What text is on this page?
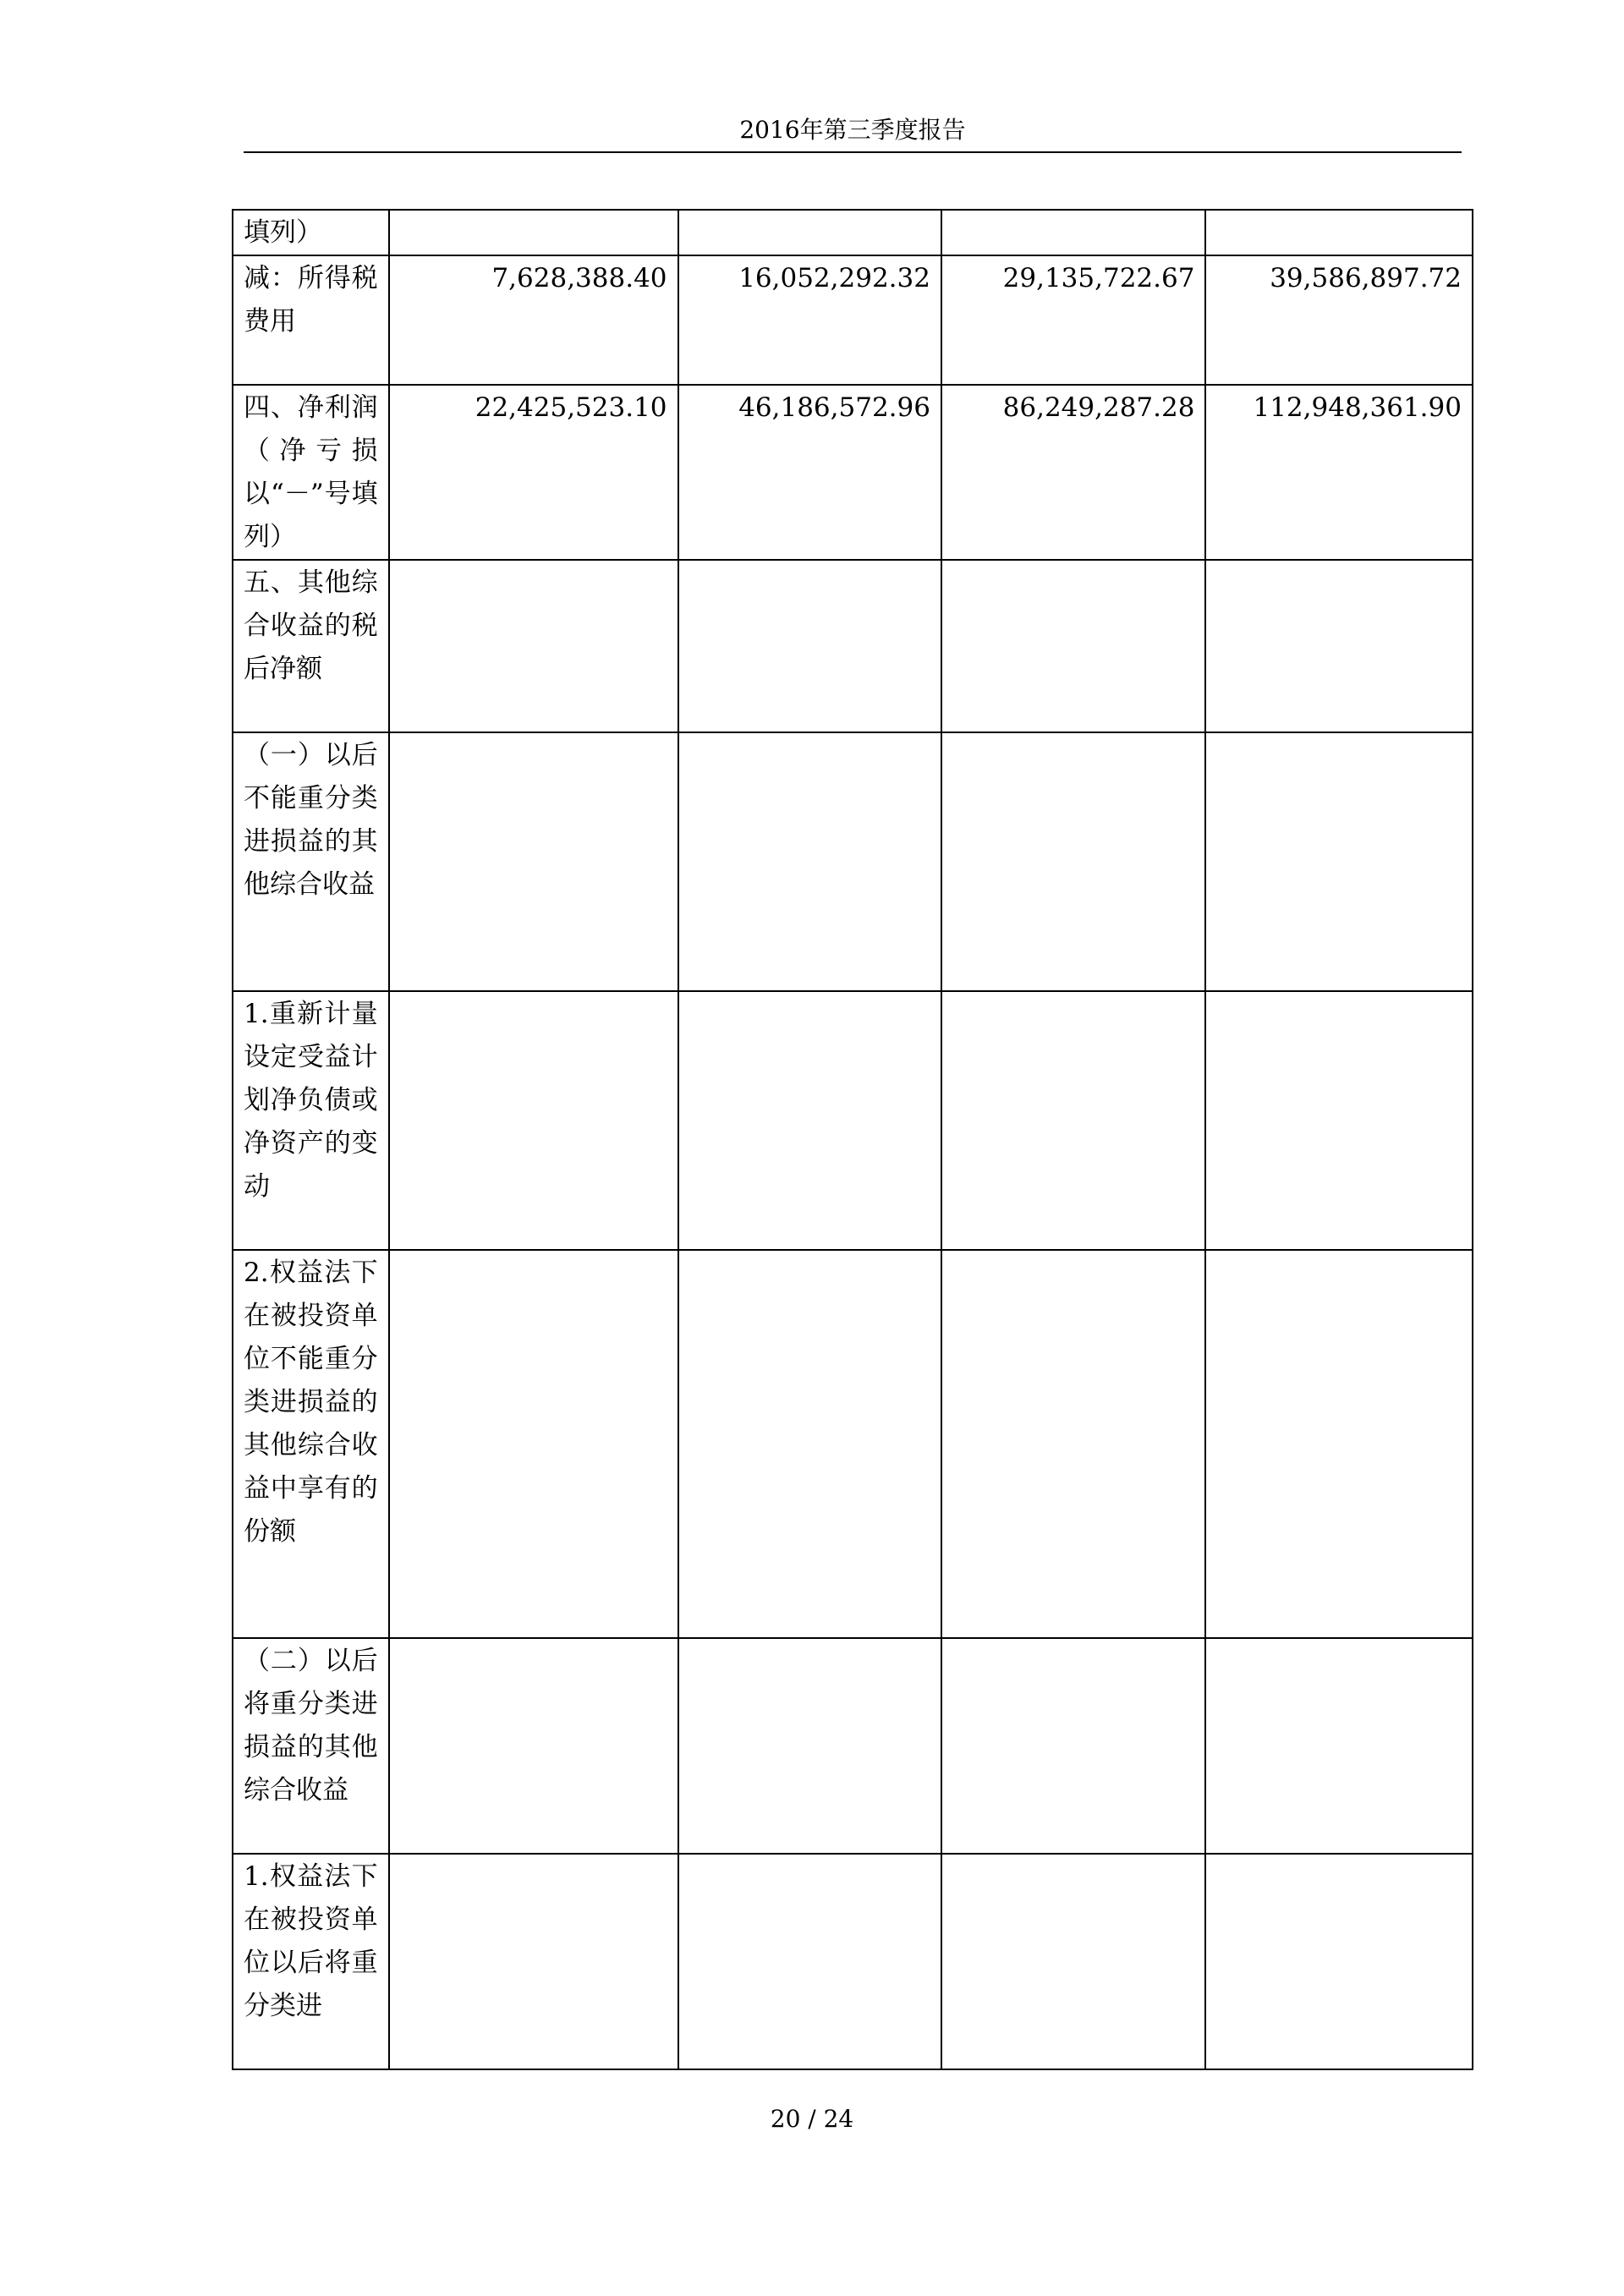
2016年第三季度报告
填列）				
减：所得税费用	7,628,388.40	16,052,292.32	29,135,722.67	39,586,897.72
四、净利润（净亏损以“－”号填列）	22,425,523.10	46,186,572.96	86,249,287.28	112,948,361.90
五、其他综合收益的税后净额				
（一）以后不能重分类进损益的其他综合收益				
1.重新计量设定受益计划净负债或净资产的变动				
2.权益法下在被投资单位不能重分类进损益的其他综合收益中享有的份额				
（二）以后将重分类进损益的其他综合收益				
1.权益法下在被投资单位以后将重分类进				
20 / 24
